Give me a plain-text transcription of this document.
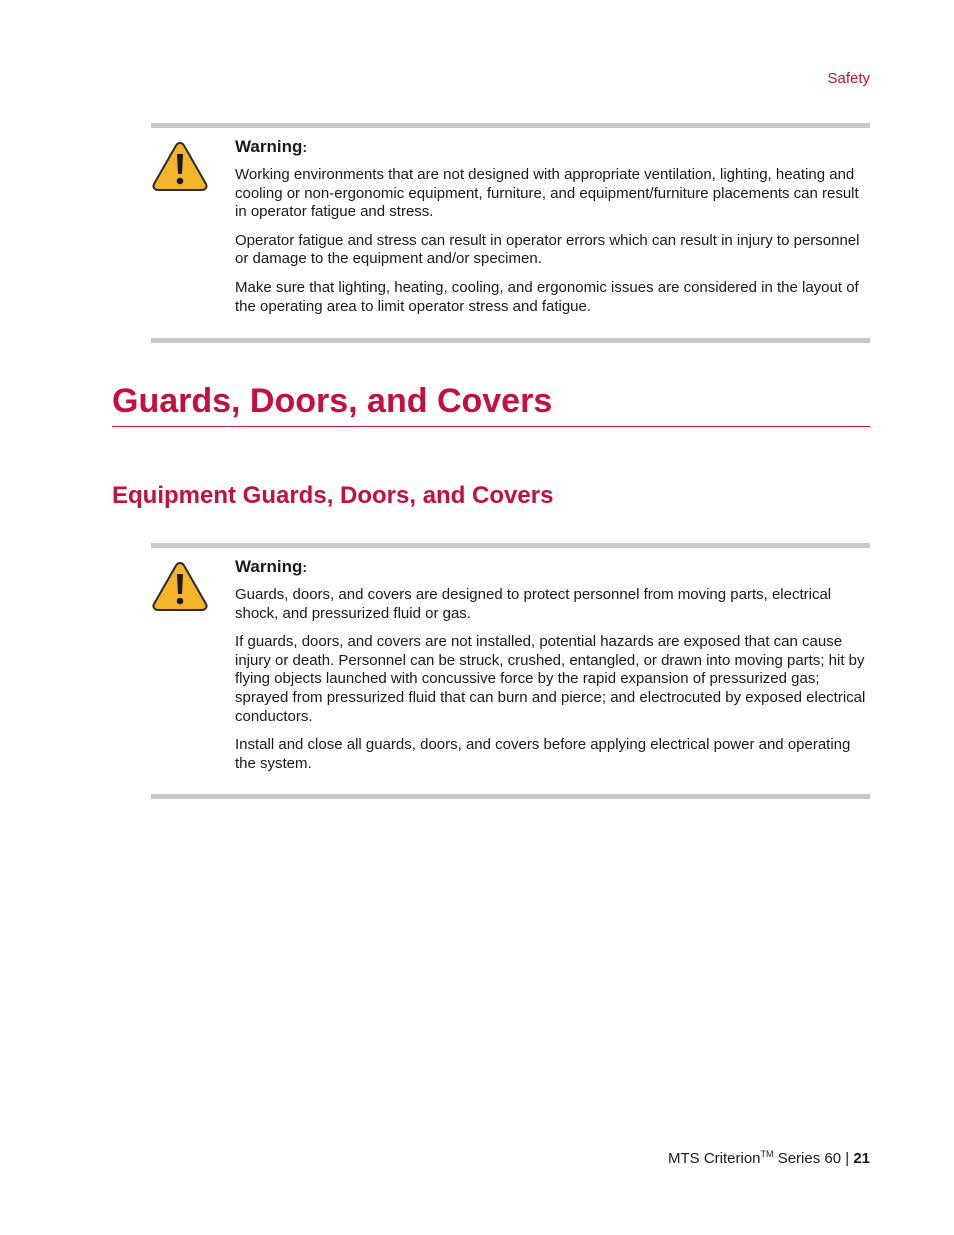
Safety

Warning:

Working environments that are not designed with appropriate ventilation, lighting, heating and cooling or non-ergonomic equipment, furniture, and equipment/furniture placements can result in operator fatigue and stress.

Operator fatigue and stress can result in operator errors which can result in injury to personnel or damage to the equipment and/or specimen.

Make sure that lighting, heating, cooling, and ergonomic issues are considered in the layout of the operating area to limit operator stress and fatigue.

Guards, Doors, and Covers
Equipment Guards, Doors, and Covers

Warning:

Guards, doors, and covers are designed to protect personnel from moving parts, electrical shock, and pressurized fluid or gas.

If guards, doors, and covers are not installed, potential hazards are exposed that can cause injury or death. Personnel can be struck, crushed, entangled, or drawn into moving parts; hit by flying objects launched with concussive force by the rapid expansion of pressurized gas; sprayed from pressurized fluid that can burn and pierce; and electrocuted by exposed electrical conductors.

Install and close all guards, doors, and covers before applying electrical power and operating the system.

MTS Criterion™ Series 60 | 21
